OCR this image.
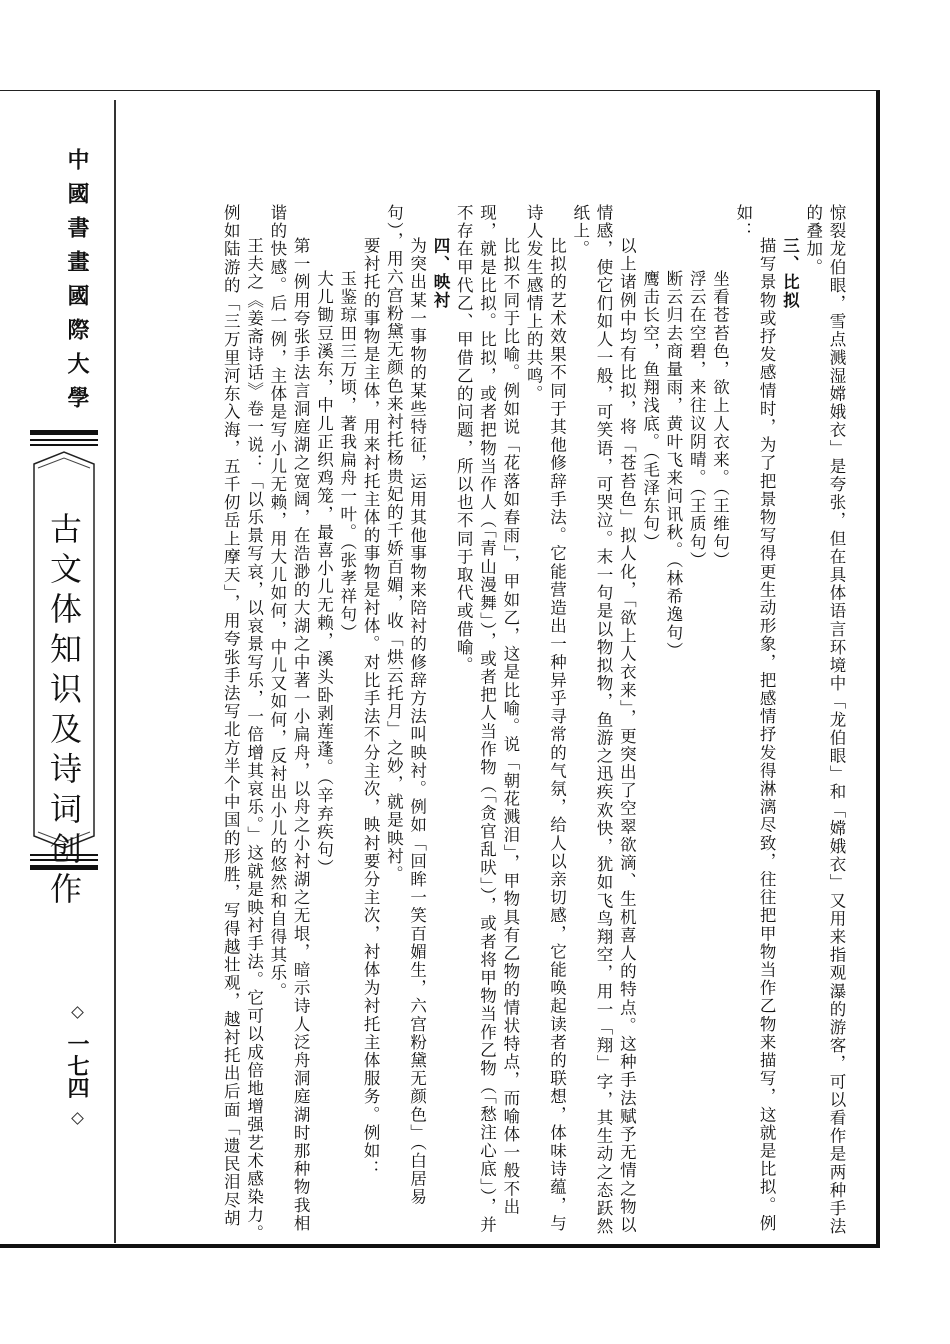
中國書畫國際大學
古文体知识及诗词创作
一七四	惊裂龙伯眼，雪点溅湿嫦娥衣」是夸张，但在具体语言环境中「龙伯眼」和「嫦娥衣」又用来指观瀑的游客，可以看作是两种手法的叠加。

三、比拟

描写景物或抒发感情时，为了把景物写得更生动形象，把感情抒发得淋漓尽致，往往把甲物当作乙物来描写，这就是比拟。例如：

坐看苍苔色，欲上人衣来。（王维句）

浮云在空碧，来往议阴晴。（王质句）

断云归去商量雨，黄叶飞来问讯秋。（林希逸句）

鹰击长空，鱼翔浅底。（毛泽东句）

以上诸例中均有比拟，将「苍苔色」拟人化，「欲上人衣来」，更突出了空翠欲滴、生机喜人的特点。这种手法赋予无情之物以情感，使它们如人一般，可笑语，可哭泣。末一句是以物拟物，鱼游之迅疾欢快，犹如飞鸟翔空，用一「翔」字，其生动之态跃然纸上。

比拟的艺术效果不同于其他修辞手法。它能营造出一种异乎寻常的气氛，给人以亲切感，它能唤起读者的联想，体味诗蕴，与诗人发生感情上的共鸣。

比拟不同于比喻。例如说「花落如春雨」，甲如乙，这是比喻。说「朝花溅泪」，甲物具有乙物的情状特点，而喻体一般不出现，就是比拟。比拟，或者把物当作人（「青山漫舞」），或者把人当作物（「贪官乱吠」），或者将甲物当作乙物（「愁注心底」），并不存在甲代乙、甲借乙的问题，所以也不同于取代或借喻。

四、映衬

为突出某一事物的某些特征，运用其他事物来陪衬的修辞方法叫映衬。例如「回眸一笑百媚生，六宫粉黛无颜色」（白居易句），用六宫粉黛无颜色来衬托杨贵妃的千娇百媚，收「烘云托月」之妙，就是映衬。

要衬托的事物是主体，用来衬托主体的事物是衬体。对比手法不分主次，映衬要分主次，衬体为衬托主体服务。例如：

玉鉴琼田三万顷，著我扁舟一叶。（张孝祥句）

大儿锄豆溪东，中儿正织鸡笼，最喜小儿无赖，溪头卧剥莲蓬。（辛弃疾句）

第一例用夸张手法言洞庭湖之宽阔，在浩渺的大湖之中著一小扁舟，以舟之小衬湖之无垠，暗示诗人泛舟洞庭湖时那种物我相谐的快感。后一例，主体是写小儿无赖，用大儿如何，中儿又如何，反衬出小儿的悠然和自得其乐。

王夫之《姜斋诗话》卷一说：「以乐景写哀，以哀景写乐，一倍增其哀乐。」这就是映衬手法。它可以成倍地增强艺术感染力。例如陆游的「三万里河东入海，五千仞岳上摩天」，用夸张手法写北方半个中国的形胜，写得越壮观，越衬托出后面「遗民泪尽胡
